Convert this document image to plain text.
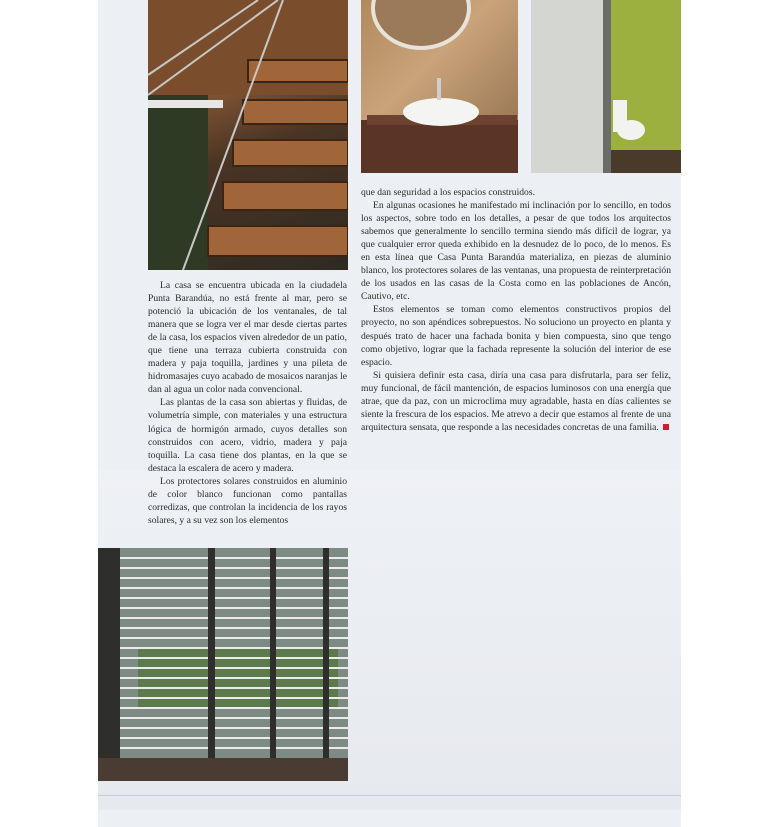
La casa se encuentra ubicada en la ciudadela Punta Barandúa, no está frente al mar, pero se potenció la ubicación de los ventanales, de tal manera que se logra ver el mar desde ciertas partes de la casa, los espacios viven alrededor de un patio, que tiene una terraza cubierta construida con madera y paja toquilla, jardines y una pileta de hidromasajes cuyo acabado de mosaicos naranjas le dan al agua un color nada convencional.

Las plantas de la casa son abiertas y fluidas, de volumetría simple, con materiales y una estructura lógica de hormigón armado, cuyos detalles son construidos con acero, vidrio, madera y paja toquilla. La casa tiene dos plantas, en la que se destaca la escalera de acero y madera.

Los protectores solares construidos en aluminio de color blanco funcionan como pantallas corredizas, que controlan la incidencia de los rayos solares, y a su vez son los elementos

que dan seguridad a los espacios construidos.

En algunas ocasiones he manifestado mi inclinación por lo sencillo, en todos los aspectos, sobre todo en los detalles, a pesar de que todos los arquitectos sabemos que generalmente lo sencillo termina siendo más difícil de lograr, ya que cualquier error queda exhibido en la desnudez de lo poco, de lo menos. Es en esta línea que Casa Punta Barandúa materializa, en piezas de aluminio blanco, los protectores solares de las ventanas, una propuesta de reinterpretación de los usados en las casas de la Costa como en las poblaciones de Ancón, Cautivo, etc.

Estos elementos se toman como elementos constructivos propios del proyecto, no son apéndices sobrepuestos. No soluciono un proyecto en planta y después trato de hacer una fachada bonita y bien compuesta, sino que tengo como objetivo, lograr que la fachada represente la solución del interior de ese espacio.

Si quisiera definir esta casa, diría una casa para disfrutarla, para ser feliz, muy funcional, de fácil mantención, de espacios luminosos con una energía que atrae, que da paz, con un microclima muy agradable, hasta en días calientes se siente la frescura de los espacios. Me atrevo a decir que estamos al frente de una arquitectura sensata, que responde a las necesidades concretas de una familia.
